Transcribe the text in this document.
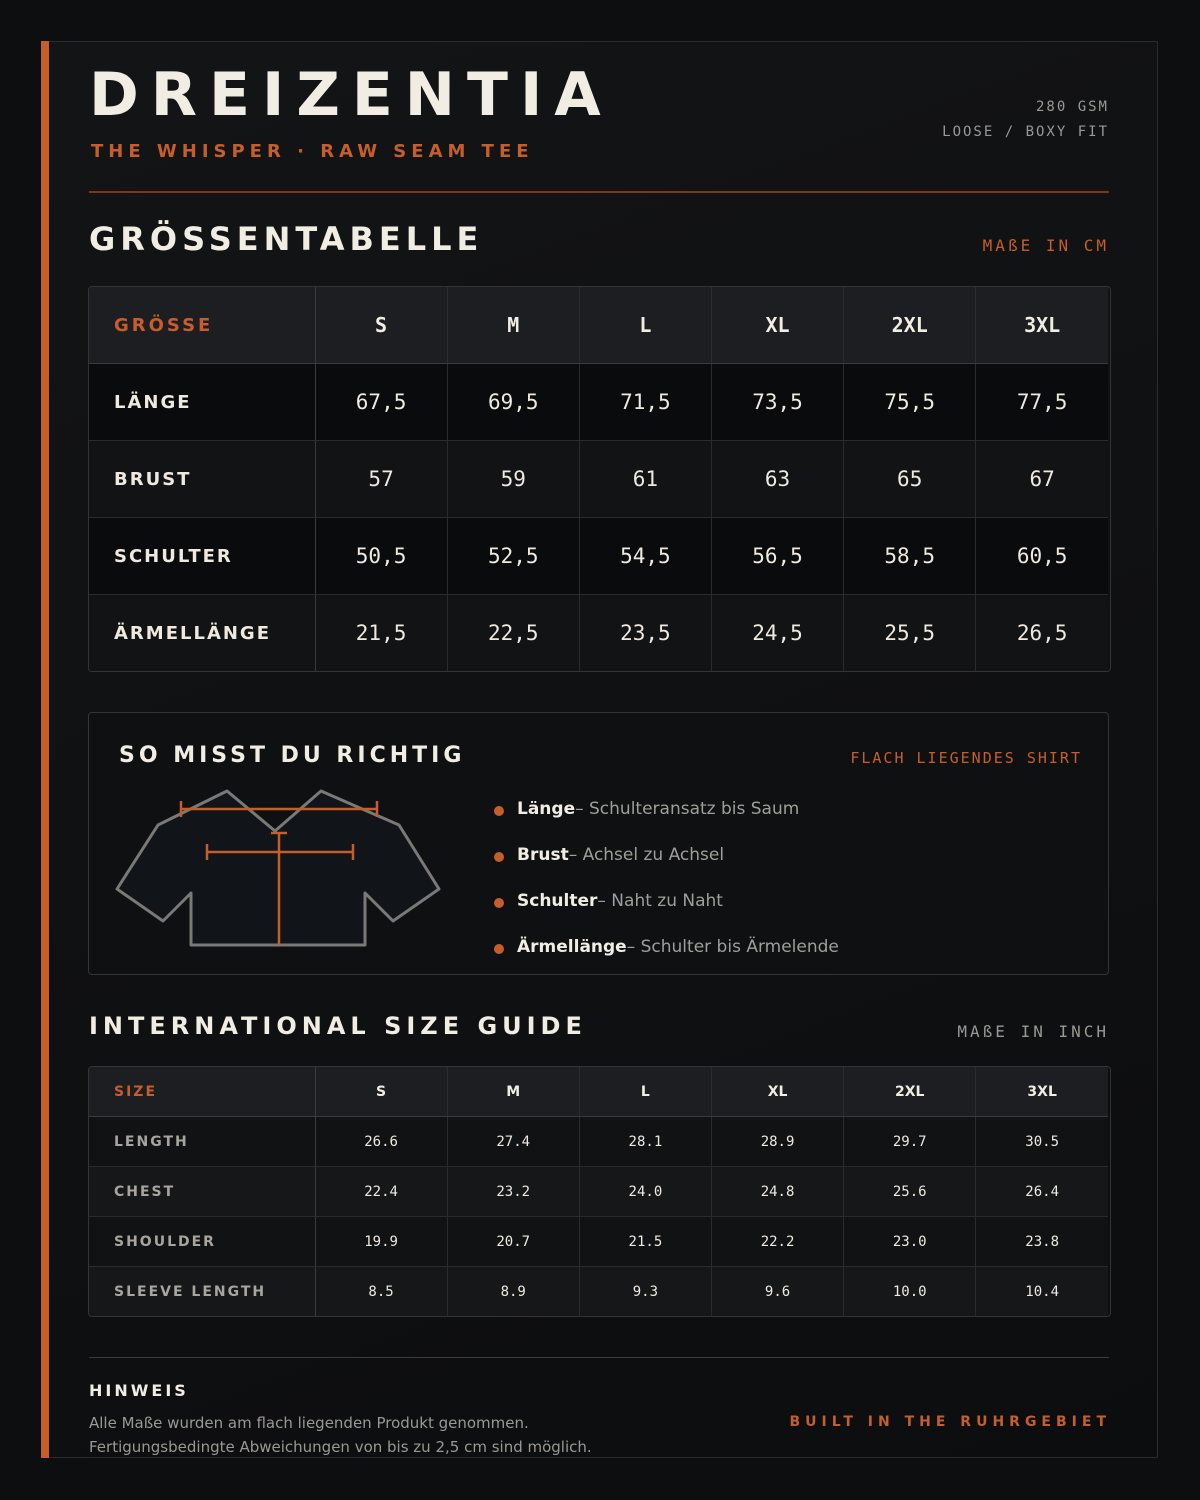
DREIZENTIA
THE WHISPER · RAW SEAM TEE
280 GSM
LOOSE / BOXY FIT
GRÖSSENTABELLE	MAßE IN CM
GRÖSSE	S	M	L	XL	2XL	3XL
LÄNGE	67,5	69,5	71,5	73,5	75,5	77,5
BRUST	57	59	61	63	65	67
SCHULTER	50,5	52,5	54,5	56,5	58,5	60,5
ÄRMELLÄNGE	21,5	22,5	23,5	24,5	25,5	26,5
SO MISST DU RICHTIG	FLACH LIEGENDES SHIRT
Länge– Schulteransatz bis Saum
Brust– Achsel zu Achsel
Schulter– Naht zu Naht
Ärmellänge– Schulter bis Ärmelende
INTERNATIONAL SIZE GUIDE	MAßE IN INCH
SIZE	S	M	L	XL	2XL	3XL
LENGTH	26.6	27.4	28.1	28.9	29.7	30.5
CHEST	22.4	23.2	24.0	24.8	25.6	26.4
SHOULDER	19.9	20.7	21.5	22.2	23.0	23.8
SLEEVE LENGTH	8.5	8.9	9.3	9.6	10.0	10.4
HINWEIS
Alle Maße wurden am flach liegenden Produkt genommen.
Fertigungsbedingte Abweichungen von bis zu 2,5 cm sind möglich.
BUILT IN THE RUHRGEBIET
